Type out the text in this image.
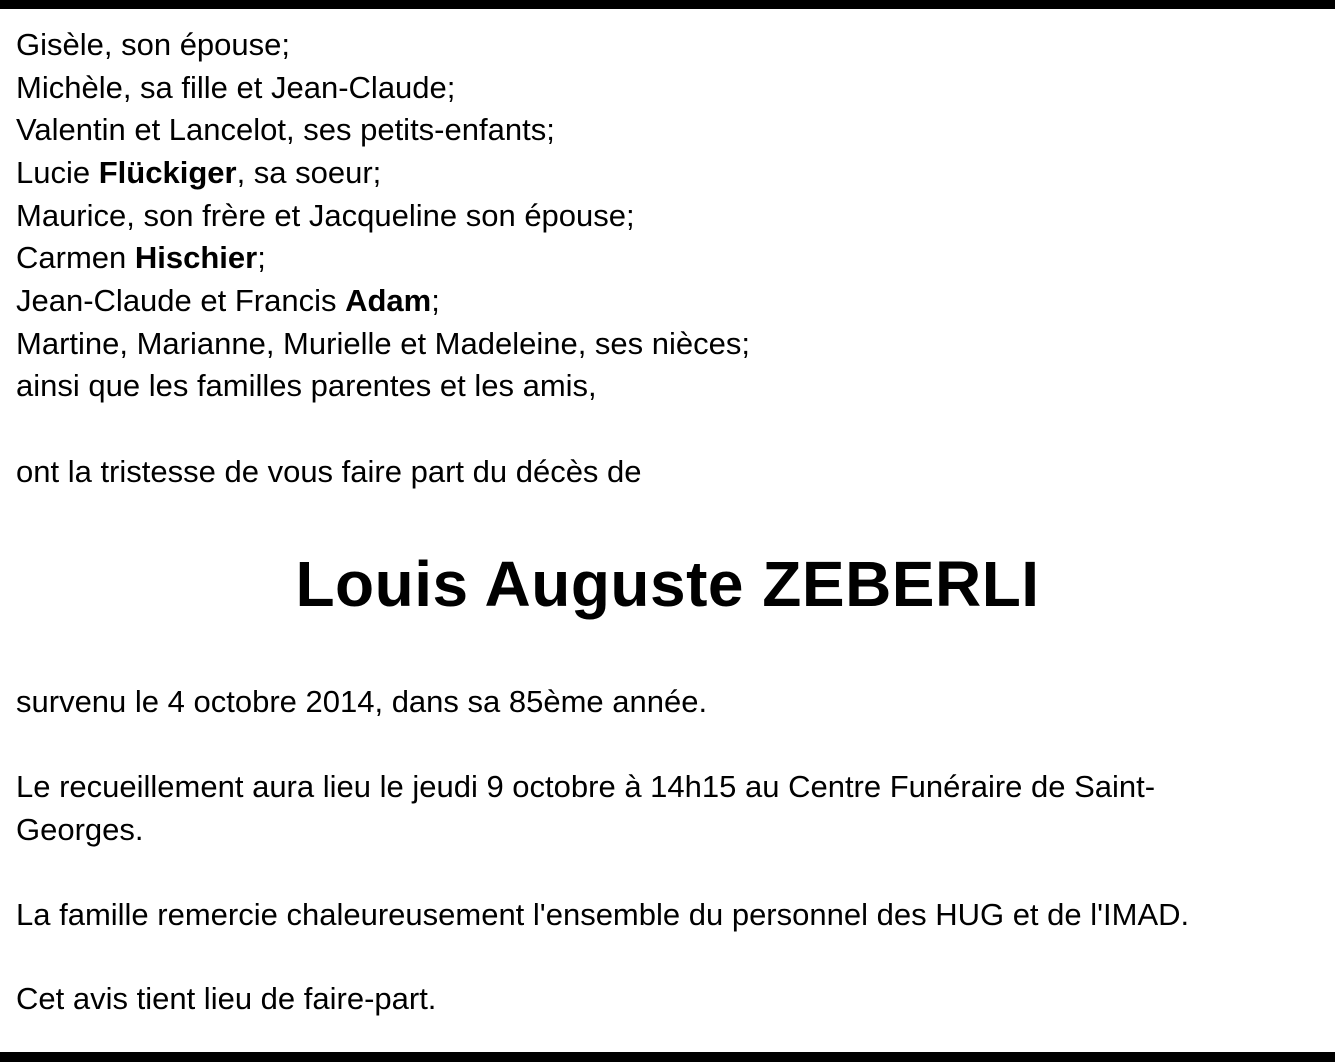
Gisèle, son épouse;
Michèle, sa fille et Jean-Claude;
Valentin et Lancelot, ses petits-enfants;
Lucie Flückiger, sa soeur;
Maurice, son frère et Jacqueline son épouse;
Carmen Hischier;
Jean-Claude et Francis Adam;
Martine, Marianne, Murielle et Madeleine, ses nièces;
ainsi que les familles parentes et les amis,
ont la tristesse de vous faire part du décès de
Louis Auguste ZEBERLI
survenu le 4 octobre 2014, dans sa 85ème année.
Le recueillement aura lieu le jeudi 9 octobre à 14h15 au Centre Funéraire de Saint-
Georges.
La famille remercie chaleureusement l'ensemble du personnel des HUG et de l'IMAD.
Cet avis tient lieu de faire-part.
